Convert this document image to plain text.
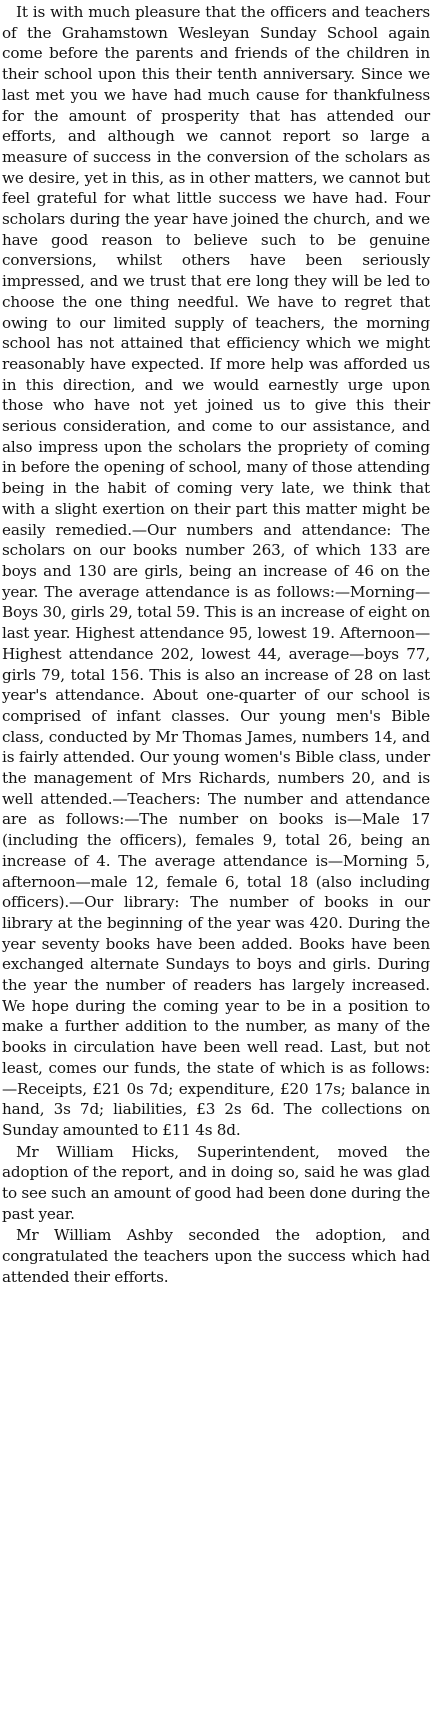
It is with much pleasure that the officers and teachers of the Grahamstown Wesleyan Sunday School again come before the parents and friends of the children in their school upon this their tenth anniversary. Since we last met you we have had much cause for thankfulness for the amount of prosperity that has attended our efforts, and although we cannot report so large a measure of success in the conversion of the scholars as we desire, yet in this, as in other matters, we cannot but feel grateful for what little success we have had. Four scholars during the year have joined the church, and we have good reason to believe such to be genuine conversions, whilst others have been seriously impressed, and we trust that ere long they will be led to choose the one thing needful. We have to regret that owing to our limited supply of teachers, the morning school has not attained that efficiency which we might reasonably have expected. If more help was afforded us in this direction, and we would earnestly urge upon those who have not yet joined us to give this their serious consideration, and come to our assistance, and also impress upon the scholars the propriety of coming in before the opening of school, many of those attending being in the habit of coming very late, we think that with a slight exertion on their part this matter might be easily remedied.—Our numbers and attendance: The scholars on our books number 263, of which 133 are boys and 130 are girls, being an increase of 46 on the year. The average attendance is as follows:—Morning—Boys 30, girls 29, total 59. This is an increase of eight on last year. Highest attendance 95, lowest 19. Afternoon—Highest attendance 202, lowest 44, average—boys 77, girls 79, total 156. This is also an increase of 28 on last year's attendance. About one-quarter of our school is comprised of infant classes. Our young men's Bible class, conducted by Mr Thomas James, numbers 14, and is fairly attended. Our young women's Bible class, under the management of Mrs Richards, numbers 20, and is well attended.—Teachers: The number and attendance are as follows:—The number on books is—Male 17 (including the officers), females 9, total 26, being an increase of 4. The average attendance is—Morning 5, afternoon—male 12, female 6, total 18 (also including officers).—Our library: The number of books in our library at the beginning of the year was 420. During the year seventy books have been added. Books have been exchanged alternate Sundays to boys and girls. During the year the number of readers has largely increased. We hope during the coming year to be in a position to make a further addition to the number, as many of the books in circulation have been well read. Last, but not least, comes our funds, the state of which is as follows:—Receipts, £21 0s 7d; expenditure, £20 17s; balance in hand, 3s 7d; liabilities, £3 2s 6d. The collections on Sunday amounted to £11 4s 8d.

Mr William Hicks, Superintendent, moved the adoption of the report, and in doing so, said he was glad to see such an amount of good had been done during the past year.

Mr William Ashby seconded the adoption, and congratulated the teachers upon the success which had attended their efforts.
